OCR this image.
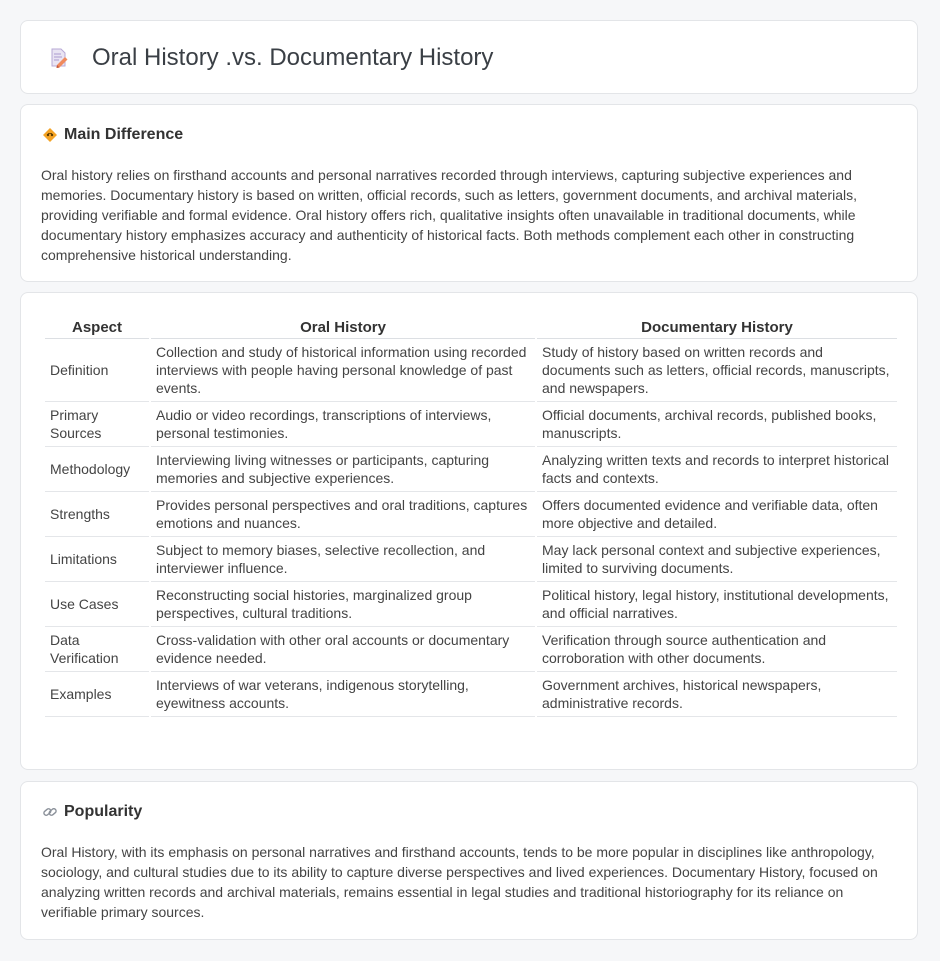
Oral History .vs. Documentary History
Main Difference

Oral history relies on firsthand accounts and personal narratives recorded through interviews, capturing subjective experiences and memories. Documentary history is based on written, official records, such as letters, government documents, and archival materials, providing verifiable and formal evidence. Oral history offers rich, qualitative insights often unavailable in traditional documents, while documentary history emphasizes accuracy and authenticity of historical facts. Both methods complement each other in constructing comprehensive historical understanding.

Aspect	Oral History	Documentary History
Definition	Collection and study of historical information using recorded interviews with people having personal knowledge of past events.	Study of history based on written records and documents such as letters, official records, manuscripts, and newspapers.
Primary Sources	Audio or video recordings, transcriptions of interviews, personal testimonies.	Official documents, archival records, published books, manuscripts.
Methodology	Interviewing living witnesses or participants, capturing memories and subjective experiences.	Analyzing written texts and records to interpret historical facts and contexts.
Strengths	Provides personal perspectives and oral traditions, captures emotions and nuances.	Offers documented evidence and verifiable data, often more objective and detailed.
Limitations	Subject to memory biases, selective recollection, and interviewer influence.	May lack personal context and subjective experiences, limited to surviving documents.
Use Cases	Reconstructing social histories, marginalized group perspectives, cultural traditions.	Political history, legal history, institutional developments, and official narratives.
Data Verification	Cross-validation with other oral accounts or documentary evidence needed.	Verification through source authentication and corroboration with other documents.
Examples	Interviews of war veterans, indigenous storytelling, eyewitness accounts.	Government archives, historical newspapers, administrative records.
Popularity

Oral History, with its emphasis on personal narratives and firsthand accounts, tends to be more popular in disciplines like anthropology, sociology, and cultural studies due to its ability to capture diverse perspectives and lived experiences. Documentary History, focused on analyzing written records and archival materials, remains essential in legal studies and traditional historiography for its reliance on verifiable primary sources.
